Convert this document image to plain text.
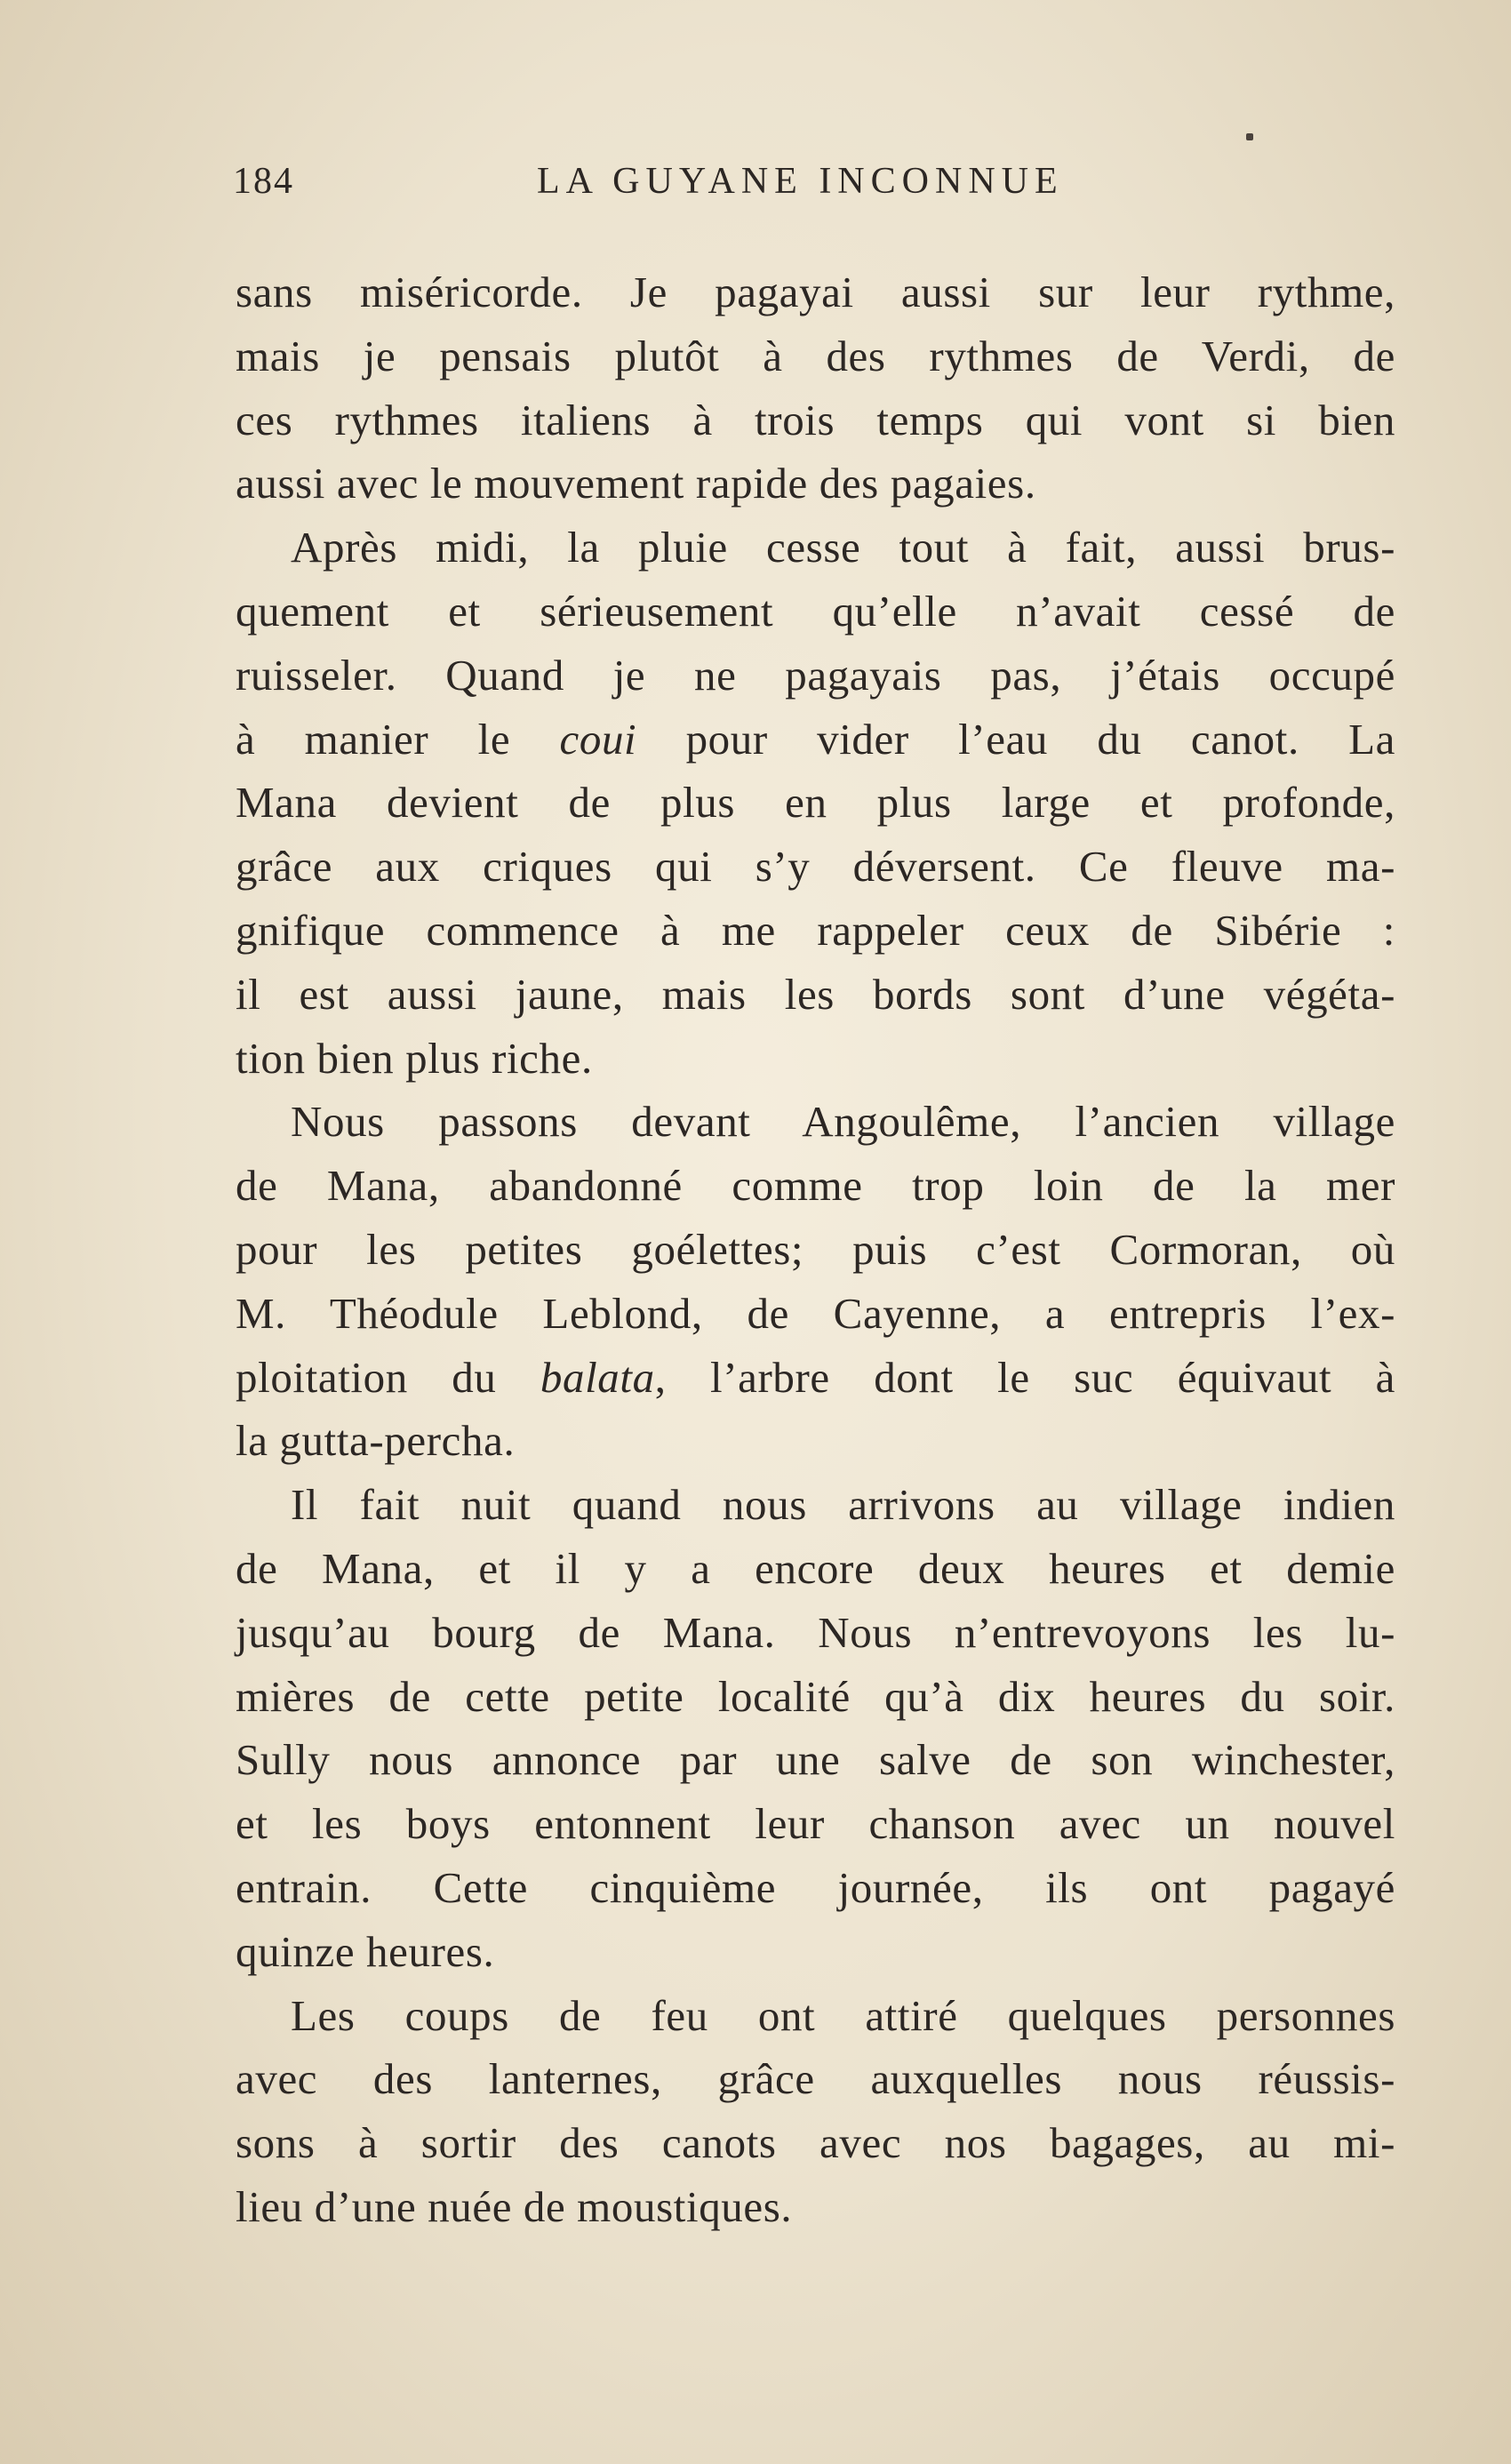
184	LA GUYANE INCONNUE
sans miséricorde. Je pagayai aussi sur leur rythme,
mais je pensais plutôt à des rythmes de Verdi, de
ces rythmes italiens à trois temps qui vont si bien
aussi avec le mouvement rapide des pagaies.
Après midi, la pluie cesse tout à fait, aussi brus-
quement et sérieusement qu’elle n’avait cessé de
ruisseler. Quand je ne pagayais pas, j’étais occupé
à manier le coui pour vider l’eau du canot. La
Mana devient de plus en plus large et profonde,
grâce aux criques qui s’y déversent. Ce fleuve ma-
gnifique commence à me rappeler ceux de Sibérie :
il est aussi jaune, mais les bords sont d’une végéta-
tion bien plus riche.
Nous passons devant Angoulême, l’ancien village
de Mana, abandonné comme trop loin de la mer
pour les petites goélettes; puis c’est Cormoran, où
M. Théodule Leblond, de Cayenne, a entrepris l’ex-
ploitation du balata, l’arbre dont le suc équivaut à
la gutta-percha.
Il fait nuit quand nous arrivons au village indien
de Mana, et il y a encore deux heures et demie
jusqu’au bourg de Mana. Nous n’entrevoyons les lu-
mières de cette petite localité qu’à dix heures du soir.
Sully nous annonce par une salve de son winchester,
et les boys entonnent leur chanson avec un nouvel
entrain. Cette cinquième journée, ils ont pagayé
quinze heures.
Les coups de feu ont attiré quelques personnes
avec des lanternes, grâce auxquelles nous réussis-
sons à sortir des canots avec nos bagages, au mi-
lieu d’une nuée de moustiques.
